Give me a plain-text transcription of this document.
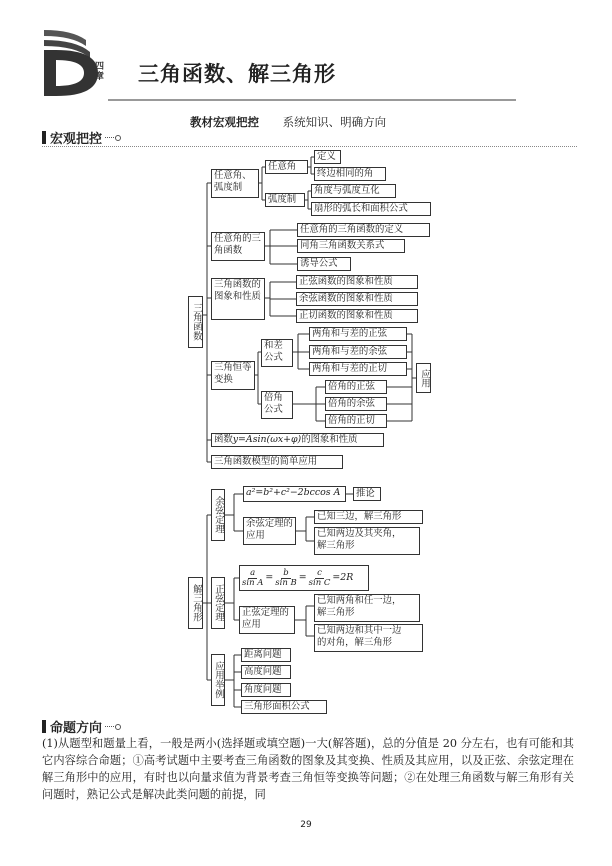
四章 三角函数、解三角形
教材宏观把控 系统知识、明确方向
宏观把控
三角函数
任意角、弧度制
任意角
定义
终边相同的角
弧度制
角度与弧度互化
扇形的弧长和面积公式
任意角的三角函数
任意角的三角函数的定义
同角三角函数关系式
诱导公式
三角函数的图象和性质
正弦函数的图象和性质
余弦函数的图象和性质
正切函数的图象和性质
三角恒等变换
和差公式
两角和与差的正弦
两角和与差的余弦
两角和与差的正切
倍角公式
倍角的正弦
倍角的余弦
倍角的正切
应用
函数y=Asin(ωx+φ)的图象和性质
三角函数模型的简单应用
解三角形
余弦定理
a²=b²+c²−2bccos A	推论
余弦定理的应用
已知三边，解三角形
已知两边及其夹角，
解三角形
正弦定理
$\frac{a}{\text{sin A}} = \frac{b}{\text{sin B}} = \frac{c}{\text{sin C}} =2R$
正弦定理的应用
已知两角和任一边，
解三角形
已知两边和其中一边
的对角，解三角形
应用举例
距离问题
高度问题
角度问题
三角形面积公式
命题方向
(1)从题型和题量上看，一般是两小(选择题或填空题)一大(解答题)，总的分值是 20 分左右，也有可能和其它内容综合命题；①高考试题中主要考查三角函数的图象及其变换、性质及其应用，以及正弦、余弦定理在解三角形中的应用，有时也以向量求值为背景考查三角恒等变换等问题；②在处理三角函数与解三角形有关问题时，熟记公式是解决此类问题的前提，同
29
